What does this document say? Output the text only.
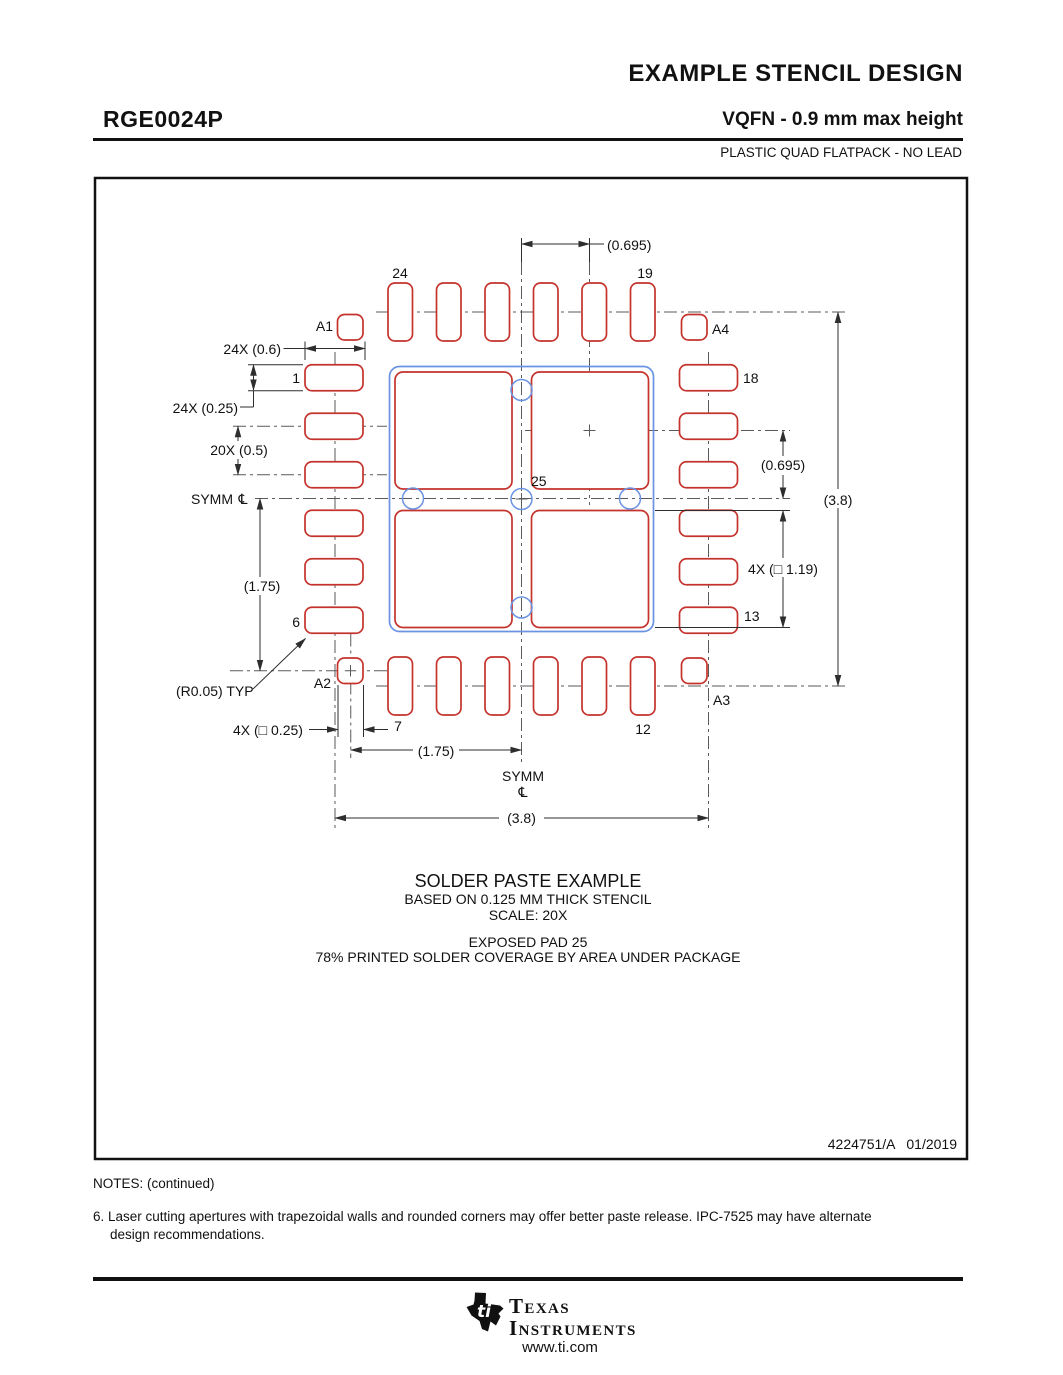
EXAMPLE STENCIL DESIGN
RGE0024P	VQFN - 0.9 mm max height
PLASTIC QUAD FLATPACK - NO LEAD
(0.695)
24	19
A1	A4
24X (0.6)
1	18
24X (0.25)
20X (0.5)
(0.695)
25
SYMM ℄	(3.8)
4X (□ 1.19)
(1.75)
13
6
A2
(R0.05) TYP
A3
7
4X (□ 0.25)	12
(1.75)
SYMM
℄
(3.8)
SOLDER PASTE EXAMPLE
BASED ON 0.125 MM THICK STENCIL
SCALE: 20X
EXPOSED PAD 25
78% PRINTED SOLDER COVERAGE BY AREA UNDER PACKAGE
4224751/A   01/2019
NOTES: (continued)
6. Laser cutting apertures with trapezoidal walls and rounded corners may offer better paste release. IPC-7525 may have alternate
design recommendations.
ti TEXAS
INSTRUMENTS
www.ti.com
